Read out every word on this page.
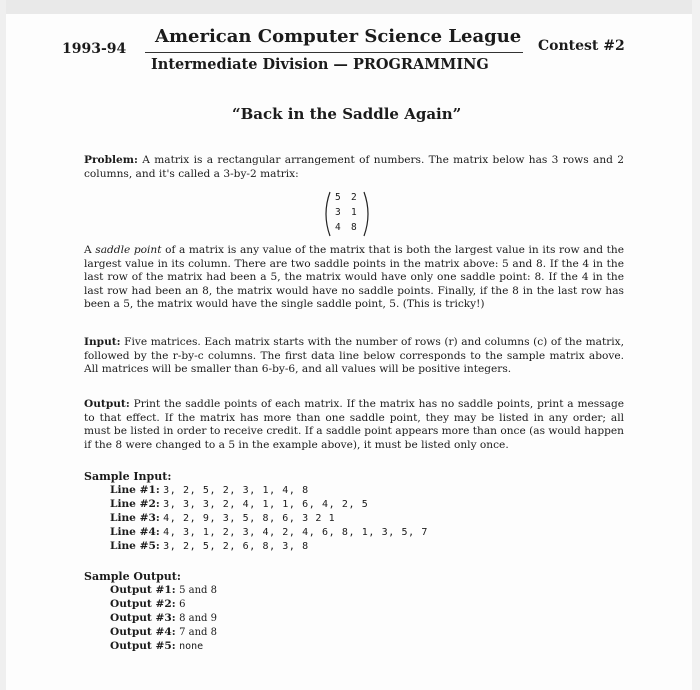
1993-94
American Computer Science League
Intermediate Division — PROGRAMMING
Contest #2
“Back in the Saddle Again”
Problem: A matrix is a rectangular arrangement of numbers. The matrix below has 3 rows and 2 columns, and it's called a 3-by-2 matrix:
5 2
3 1
4 8
A saddle point of a matrix is any value of the matrix that is both the largest value in its row and the largest value in its column. There are two saddle points in the matrix above: 5 and 8. If the 4 in the last row of the matrix had been a 5, the matrix would have only one saddle point: 8. If the 4 in the last row had been an 8, the matrix would have no saddle points. Finally, if the 8 in the last row has been a 5, the matrix would have the single saddle point, 5. (This is tricky!)
Input: Five matrices. Each matrix starts with the number of rows (r) and columns (c) of the matrix, followed by the r-by-c columns. The first data line below corresponds to the sample matrix above. All matrices will be smaller than 6-by-6, and all values will be positive integers.
Output: Print the saddle points of each matrix. If the matrix has no saddle points, print a message to that effect. If the matrix has more than one saddle point, they may be listed in any order; all must be listed in order to receive credit. If a saddle point appears more than once (as would happen if the 8 were changed to a 5 in the example above), it must be listed only once.
Sample Input:
Line #1: 3, 2, 5, 2, 3, 1, 4, 8
Line #2: 3, 3, 3, 2, 4, 1, 1, 6, 4, 2, 5
Line #3: 4, 2, 9, 3, 5, 8, 6, 3 2 1
Line #4: 4, 3, 1, 2, 3, 4, 2, 4, 6, 8, 1, 3, 5, 7
Line #5: 3, 2, 5, 2, 6, 8, 3, 8
Sample Output:
Output #1: 5 and 8
Output #2: 6
Output #3: 8 and 9
Output #4: 7 and 8
Output #5: none
